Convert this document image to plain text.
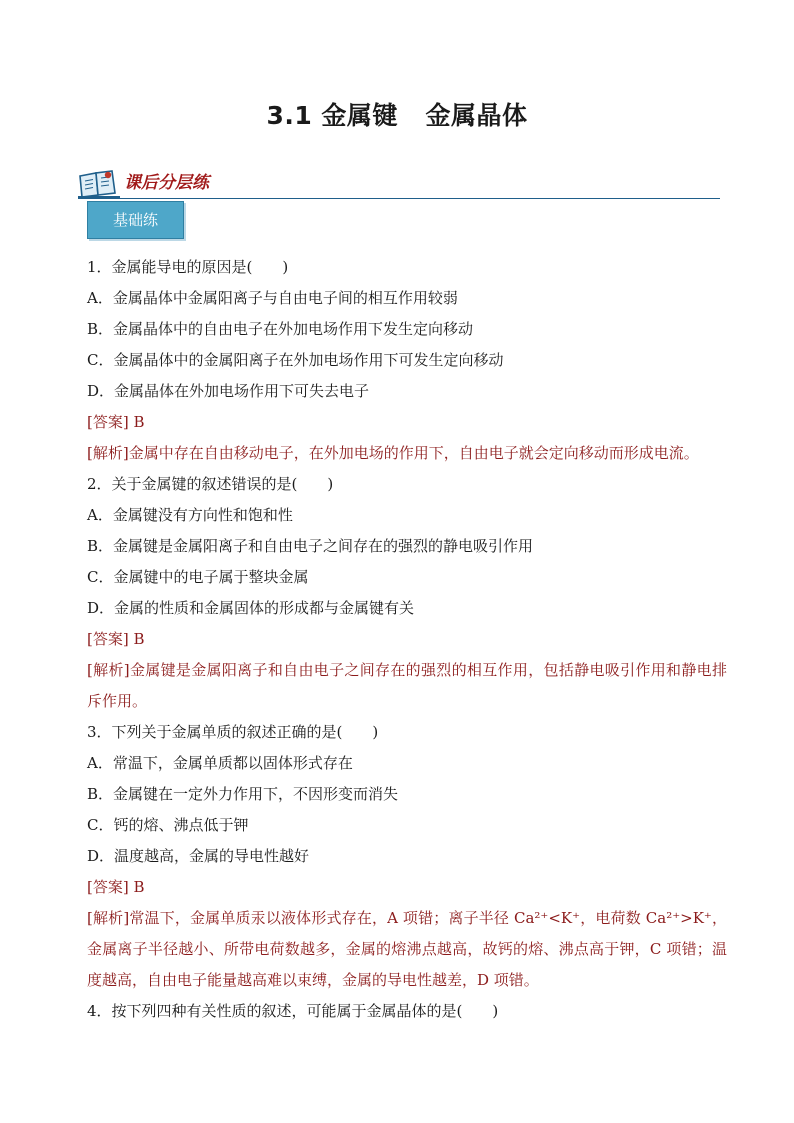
3.1 金属键   金属晶体
课后分层练
基础练
1．金属能导电的原因是(　　)
A．金属晶体中金属阳离子与自由电子间的相互作用较弱
B．金属晶体中的自由电子在外加电场作用下发生定向移动
C．金属晶体中的金属阳离子在外加电场作用下可发生定向移动
D．金属晶体在外加电场作用下可失去电子
[答案] B
[解析]金属中存在自由移动电子，在外加电场的作用下，自由电子就会定向移动而形成电流。
2．关于金属键的叙述错误的是(　　)
A．金属键没有方向性和饱和性
B．金属键是金属阳离子和自由电子之间存在的强烈的静电吸引作用
C．金属键中的电子属于整块金属
D．金属的性质和金属固体的形成都与金属键有关
[答案] B
[解析]金属键是金属阳离子和自由电子之间存在的强烈的相互作用，包括静电吸引作用和静电排斥作用。
3．下列关于金属单质的叙述正确的是(　　)
A．常温下，金属单质都以固体形式存在
B．金属键在一定外力作用下，不因形变而消失
C．钙的熔、沸点低于钾
D．温度越高，金属的导电性越好
[答案] B
[解析]常温下，金属单质汞以液体形式存在，A 项错；离子半径 Ca²⁺<K⁺，电荷数 Ca²⁺>K⁺，金属离子半径越小、所带电荷数越多，金属的熔沸点越高，故钙的熔、沸点高于钾，C 项错；温度越高，自由电子能量越高难以束缚，金属的导电性越差，D 项错。
4．按下列四种有关性质的叙述，可能属于金属晶体的是(　　)
